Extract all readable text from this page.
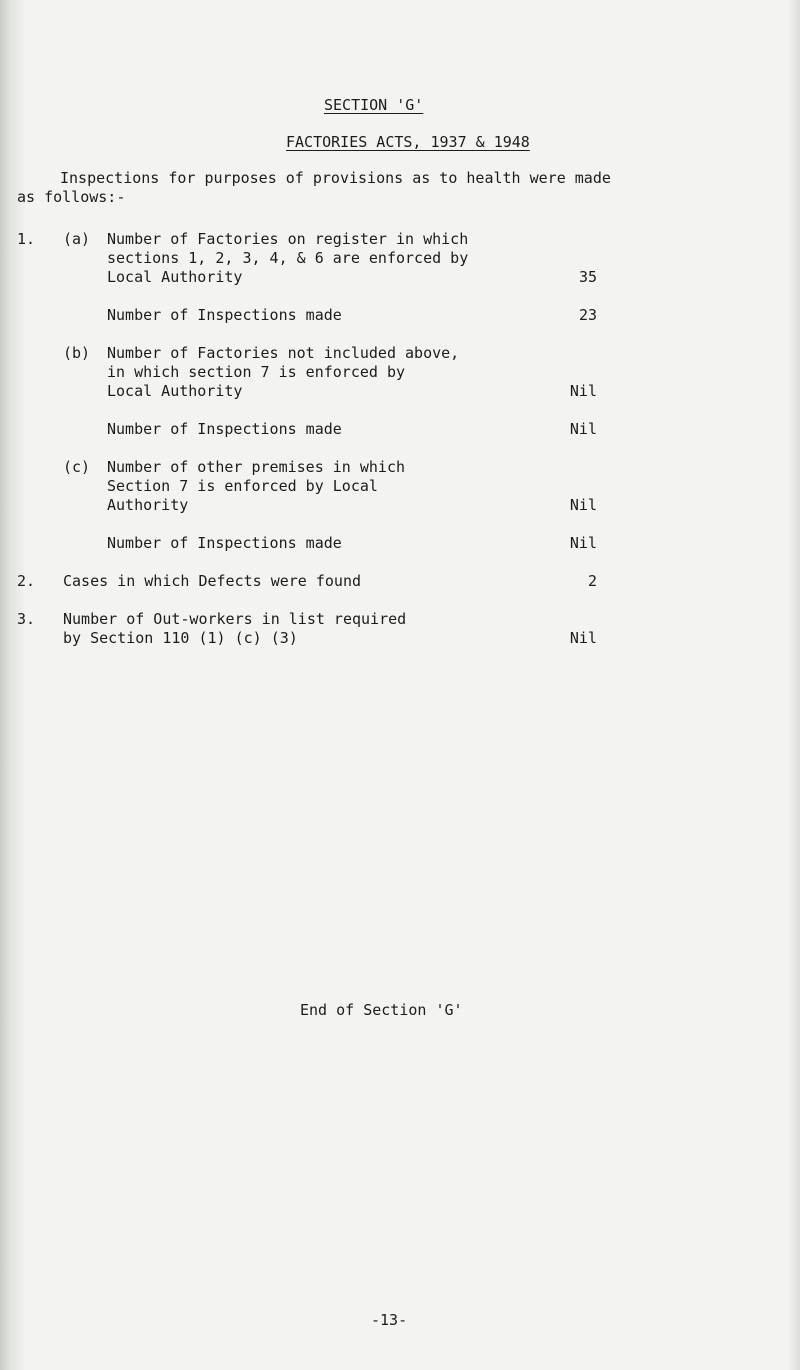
SECTION 'G'
FACTORIES ACTS, 1937 & 1948
Inspections for purposes of provisions as to health were made
as follows:-
1. (a) Number of Factories on register in which
sections 1, 2, 3, 4, & 6 are enforced by
Local Authority	35
Number of Inspections made	23
(b) Number of Factories not included above,
in which section 7 is enforced by
Local Authority	Nil
Number of Inspections made	Nil
(c) Number of other premises in which
Section 7 is enforced by Local
Authority	Nil
Number of Inspections made	Nil
2. Cases in which Defects were found	2
3. Number of Out-workers in list required
by Section 110 (1) (c) (3)	Nil
End of Section 'G'
-13-
